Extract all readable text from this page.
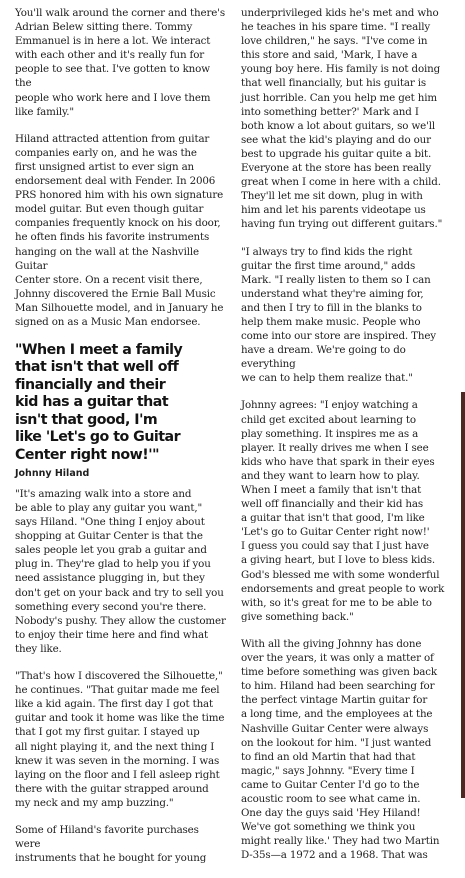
You'll walk around the corner and there's
Adrian Belew sitting there. Tommy
Emmanuel is in here a lot. We interact
with each other and it's really fun for
people to see that. I've gotten to know the
people who work here and I love them
like family."

Hiland attracted attention from guitar
companies early on, and he was the
first unsigned artist to ever sign an
endorsement deal with Fender. In 2006
PRS honored him with his own signature
model guitar. But even though guitar
companies frequently knock on his door,
he often finds his favorite instruments
hanging on the wall at the Nashville Guitar
Center store. On a recent visit there,
Johnny discovered the Ernie Ball Music
Man Silhouette model, and in January he
signed on as a Music Man endorsee.

"When I meet a family
that isn't that well off
financially and their
kid has a guitar that
isn't that good, I'm
like 'Let's go to Guitar
Center right now!'"

Johnny Hiland

"It's amazing walk into a store and
be able to play any guitar you want,"
says Hiland. "One thing I enjoy about
shopping at Guitar Center is that the
sales people let you grab a guitar and
plug in. They're glad to help you if you
need assistance plugging in, but they
don't get on your back and try to sell you
something every second you're there.
Nobody's pushy. They allow the customer
to enjoy their time here and find what
they like.

"That's how I discovered the Silhouette,"
he continues. "That guitar made me feel
like a kid again. The first day I got that
guitar and took it home was like the time
that I got my first guitar. I stayed up
all night playing it, and the next thing I
knew it was seven in the morning. I was
laying on the floor and I fell asleep right
there with the guitar strapped around
my neck and my amp buzzing."

Some of Hiland's favorite purchases were
instruments that he bought for young

underprivileged kids he's met and who
he teaches in his spare time. "I really
love children," he says. "I've come in
this store and said, 'Mark, I have a
young boy here. His family is not doing
that well financially, but his guitar is
just horrible. Can you help me get him
into something better?' Mark and I
both know a lot about guitars, so we'll
see what the kid's playing and do our
best to upgrade his guitar quite a bit.
Everyone at the store has been really
great when I come in here with a child.
They'll let me sit down, plug in with
him and let his parents videotape us
having fun trying out different guitars."

"I always try to find kids the right
guitar the first time around," adds
Mark. "I really listen to them so I can
understand what they're aiming for,
and then I try to fill in the blanks to
help them make music. People who
come into our store are inspired. They
have a dream. We're going to do everything
we can to help them realize that."

Johnny agrees: "I enjoy watching a
child get excited about learning to
play something. It inspires me as a
player. It really drives me when I see
kids who have that spark in their eyes
and they want to learn how to play.
When I meet a family that isn't that
well off financially and their kid has
a guitar that isn't that good, I'm like
'Let's go to Guitar Center right now!'
I guess you could say that I just have
a giving heart, but I love to bless kids.
God's blessed me with some wonderful
endorsements and great people to work
with, so it's great for me to be able to
give something back."

With all the giving Johnny has done
over the years, it was only a matter of
time before something was given back
to him. Hiland had been searching for
the perfect vintage Martin guitar for
a long time, and the employees at the
Nashville Guitar Center were always
on the lookout for him. "I just wanted
to find an old Martin that had that
magic," says Johnny. "Every time I
came to Guitar Center I'd go to the
acoustic room to see what came in.
One day the guys said 'Hey Hiland!
We've got something we think you
might really like.' They had two Martin
D-35s—a 1972 and a 1968. That was
